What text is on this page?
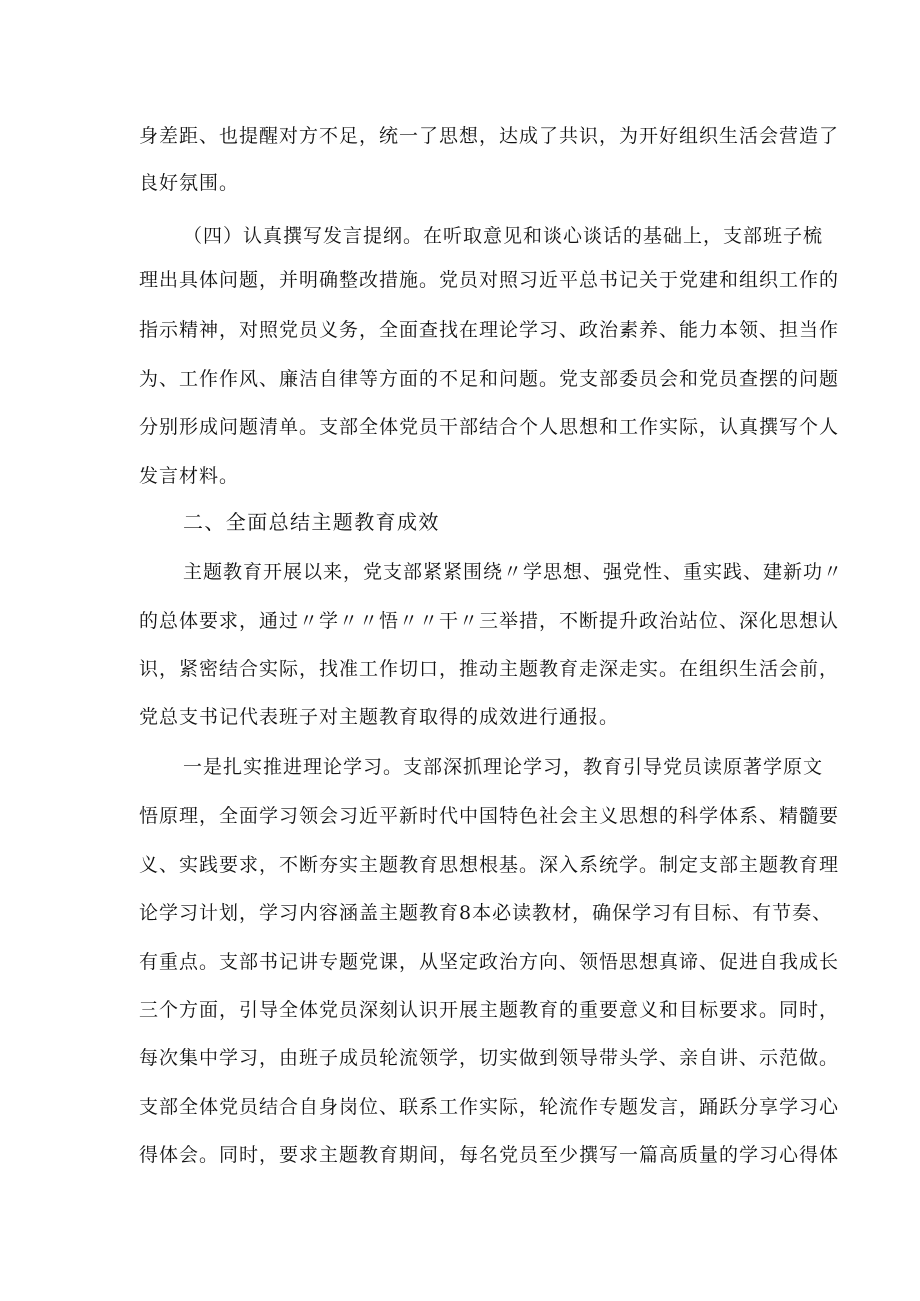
身差距、也提醒对方不足，统一了思想，达成了共识，为开好组织生活会营造了
良好氛围。
（四）认真撰写发言提纲。在听取意见和谈心谈话的基础上，支部班子梳
理出具体问题，并明确整改措施。党员对照习近平总书记关于党建和组织工作的
指示精神，对照党员义务，全面查找在理论学习、政治素养、能力本领、担当作
为、工作作风、廉洁自律等方面的不足和问题。党支部委员会和党员查摆的问题
分别形成问题清单。支部全体党员干部结合个人思想和工作实际，认真撰写个人
发言材料。
二、全面总结主题教育成效
主题教育开展以来，党支部紧紧围绕〃学思想、强党性、重实践、建新功〃
的总体要求，通过〃学〃〃悟〃〃干〃三举措，不断提升政治站位、深化思想认
识，紧密结合实际，找准工作切口，推动主题教育走深走实。在组织生活会前，
党总支书记代表班子对主题教育取得的成效进行通报。
一是扎实推进理论学习。支部深抓理论学习，教育引导党员读原著学原文
悟原理，全面学习领会习近平新时代中国特色社会主义思想的科学体系、精髓要
义、实践要求，不断夯实主题教育思想根基。深入系统学。制定支部主题教育理
论学习计划，学习内容涵盖主题教育8本必读教材，确保学习有目标、有节奏、
有重点。支部书记讲专题党课，从坚定政治方向、领悟思想真谛、促进自我成长
三个方面，引导全体党员深刻认识开展主题教育的重要意义和目标要求。同时，
每次集中学习，由班子成员轮流领学，切实做到领导带头学、亲自讲、示范做。
支部全体党员结合自身岗位、联系工作实际，轮流作专题发言，踊跃分享学习心
得体会。同时，要求主题教育期间，每名党员至少撰写一篇高质量的学习心得体
